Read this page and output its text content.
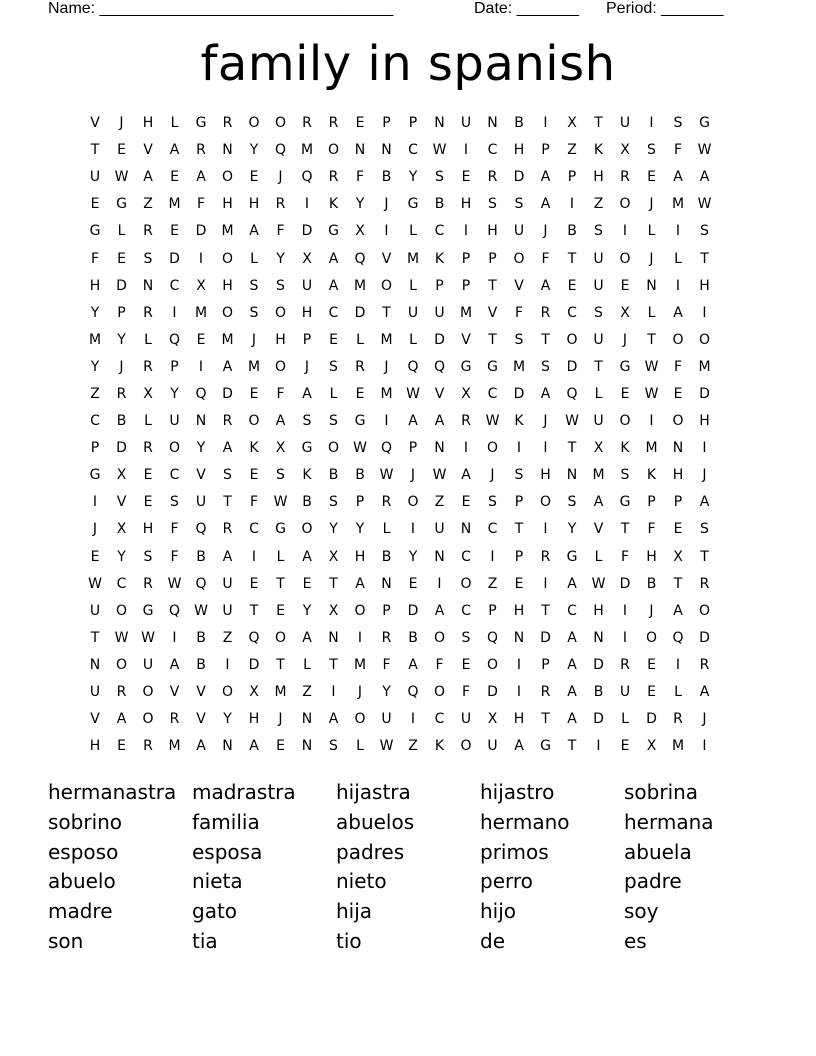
Name: _________________________________	Date: _______ Period: _______
family in spanish
V	J	H	L	G	R	O	O	R	R	E	P	P	N	U	N	B	I	X	T	U	I	S	G
T	E	V	A	R	N	Y	Q	M	O	N	N	C	W	I	C	H	P	Z	K	X	S	F	W
U W	A	E	A	O	E	J	Q	R	F	B	Y	S	E	R	D	A	P	H	R	E	A	A
E	G	Z	M	F	H	H	R	I	K	Y	J	G	B	H	S	S	A	I	Z	O	J	M W
G	L	R	E	D	M	A	F	D	G	X	I	L	C	I	H	U	J	B	S	I	L	I	S
F	E	S	D	I	O	L	Y	X	A	Q	V	M	K	P	P	O	F	T	U	O	J	L	T
H	D	N	C	X	H	S	S	U	A	M	O	L	P	P	T	V	A	E	U	E	N	I	H
Y	P	R	I	M	O	S	O	H	C	D	T	U	U	M	V	F	R	C	S	X	L	A	I
M	Y	L	Q	E	M	J	H	P	E	L	M	L	D	V	T	S	T	O	U	J	T	O	O
Y	J	R	P	I	A	M	O	J	S	R	J	Q	Q	G	G	M	S	D	T	G W	F	M
Z	R	X	Y	Q	D	E	F	A	L	E	M W	V	X	C	D	A	Q	L	E	W	E	D
C	B	L	U	N	R	O	A	S	S	G	I	A	A	R	W	K	J	W U	O	I	O	H
P	D	R	O	Y	A	K	X	G	O W Q	P	N	I	O	I	I	T	X	K	M	N	I
G	X	E	C	V	S	E	S	K	B	B	W	J	W	A	J	S	H	N	M	S	K	H	J
I	V	E	S	U	T	F	W	B	S	P	R	O	Z	E	S	P	O	S	A	G	P	P	A
J	X	H	F	Q	R	C	G	O	Y	Y	L	I	U	N	C	T	I	Y	V	T	F	E	S
E	Y	S	F	B	A	I	L	A	X	H	B	Y	N	C	I	P	R	G	L	F	H	X	T
W	C	R	W Q	U	E	T	E	T	A	N	E	I	O	Z	E	I	A	W D	B	T	R
U	O	G	Q W U	T	E	Y	X	O	P	D	A	C	P	H	T	C	H	I	J	A	O
T	W W	I	B	Z	Q	O	A	N	I	R	B	O	S	Q	N	D	A	N	I	O	Q	D
N	O	U	A	B	I	D	T	L	T	M	F	A	F	E	O	I	P	A	D	R	E	I	R
U	R	O	V	V	O	X	M	Z	I	J	Y	Q	O	F	D	I	R	A	B	U	E	L	A
V	A	O	R	V	Y	H	J	N	A	O	U	I	C	U	X	H	T	A	D	L	D	R	J
H	E	R	M	A	N	A	E	N	S	L	W	Z	K	O	U	A	G	T	I	E	X	M	I
hermanastra madrastra	hijastra	hijastro	sobrina
sobrino	familia	abuelos	hermano	hermana
esposo	esposa	padres	primos	abuela
abuelo	nieta	nieto	perro	padre
madre	gato	hija	hijo	soy
son	tia	tio	de	es
